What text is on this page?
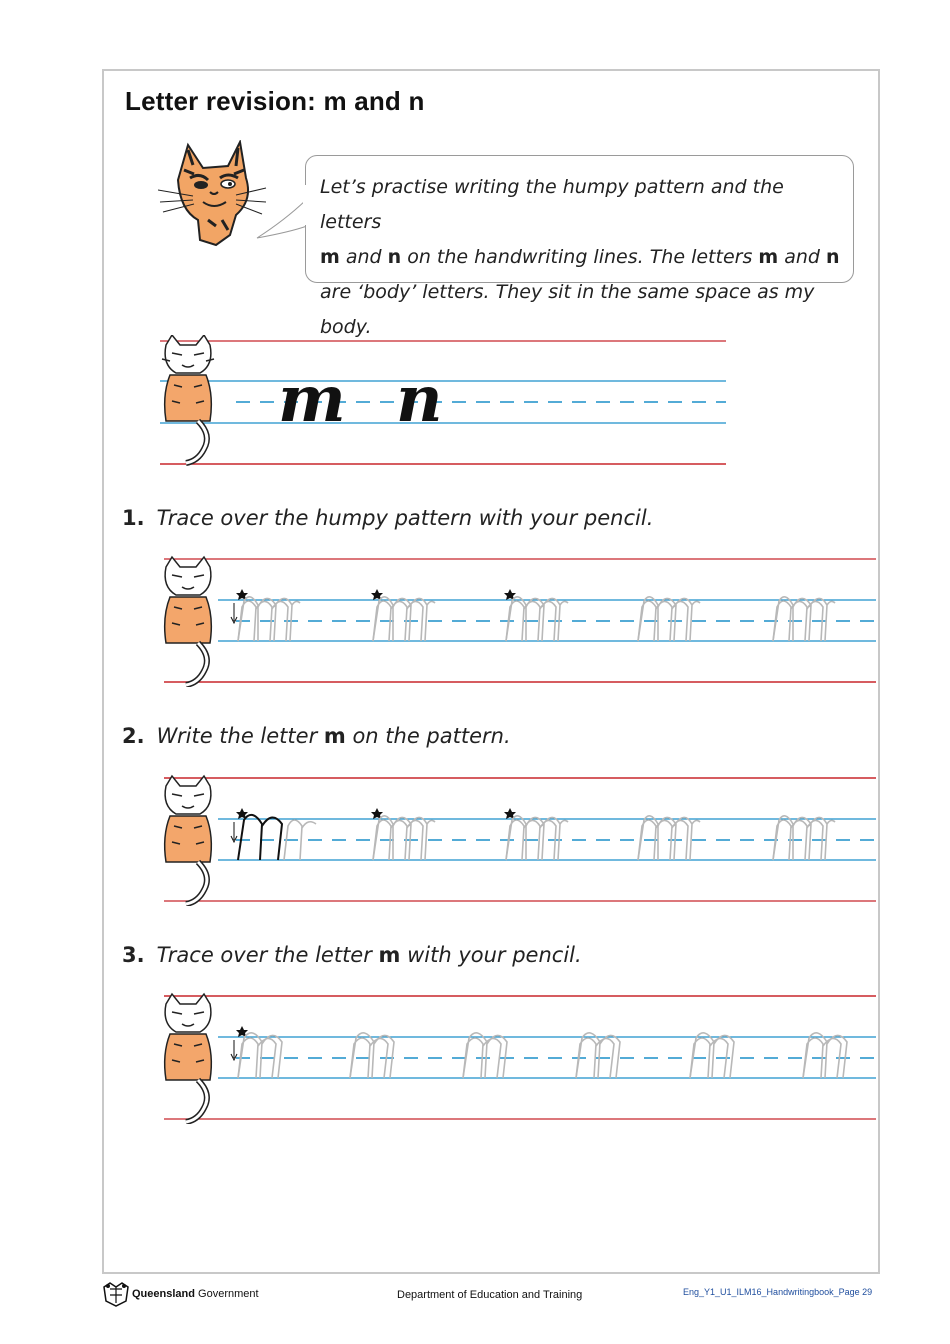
Letter revision: m and n
Let’s practise writing the humpy pattern and the letters
m and n on the handwriting lines. The letters m and n
are ‘body’ letters. They sit in the same space as my body.
m n
1. Trace over the humpy pattern with your pencil.
2. Write the letter m on the pattern.
3. Trace over the letter m with your pencil.
Queensland Government	Department of Education and Training	Eng_Y1_U1_ILM16_Handwritingbook_Page 29
